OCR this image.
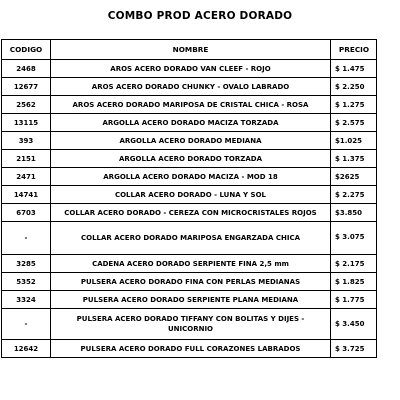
COMBO PROD ACERO DORADO
CODIGO	NOMBRE	PRECIO
2468	AROS ACERO DORADO VAN CLEEF - ROJO	$ 1.475
12677	AROS ACERO DORADO CHUNKY - OVALO LABRADO	$ 2.250
2562	AROS ACERO DORADO MARIPOSA DE CRISTAL CHICA - ROSA	$ 1.275
13115	ARGOLLA ACERO DORADO MACIZA TORZADA	$ 2.575
393	ARGOLLA ACERO DORADO MEDIANA	$1.025
2151	ARGOLLA ACERO DORADO TORZADA	$ 1.375
2471	ARGOLLA ACERO DORADO MACIZA - MOD 18	$2625
14741	COLLAR ACERO DORADO - LUNA Y SOL	$ 2.275
6703	COLLAR ACERO DORADO - CEREZA CON MICROCRISTALES ROJOS	$3.850
-	COLLAR ACERO DORADO MARIPOSA ENGARZADA CHICA	$ 3.075
3285	CADENA ACERO DORADO SERPIENTE FINA 2,5 mm	$ 2.175
5352	PULSERA ACERO DORADO FINA CON PERLAS MEDIANAS	$ 1.825
3324	PULSERA ACERO DORADO SERPIENTE PLANA MEDIANA	$ 1.775
-	PULSERA ACERO DORADO TIFFANY CON BOLITAS Y DIJES - UNICORNIO	$ 3.450
12642	PULSERA ACERO DORADO FULL CORAZONES LABRADOS	$ 3.725
